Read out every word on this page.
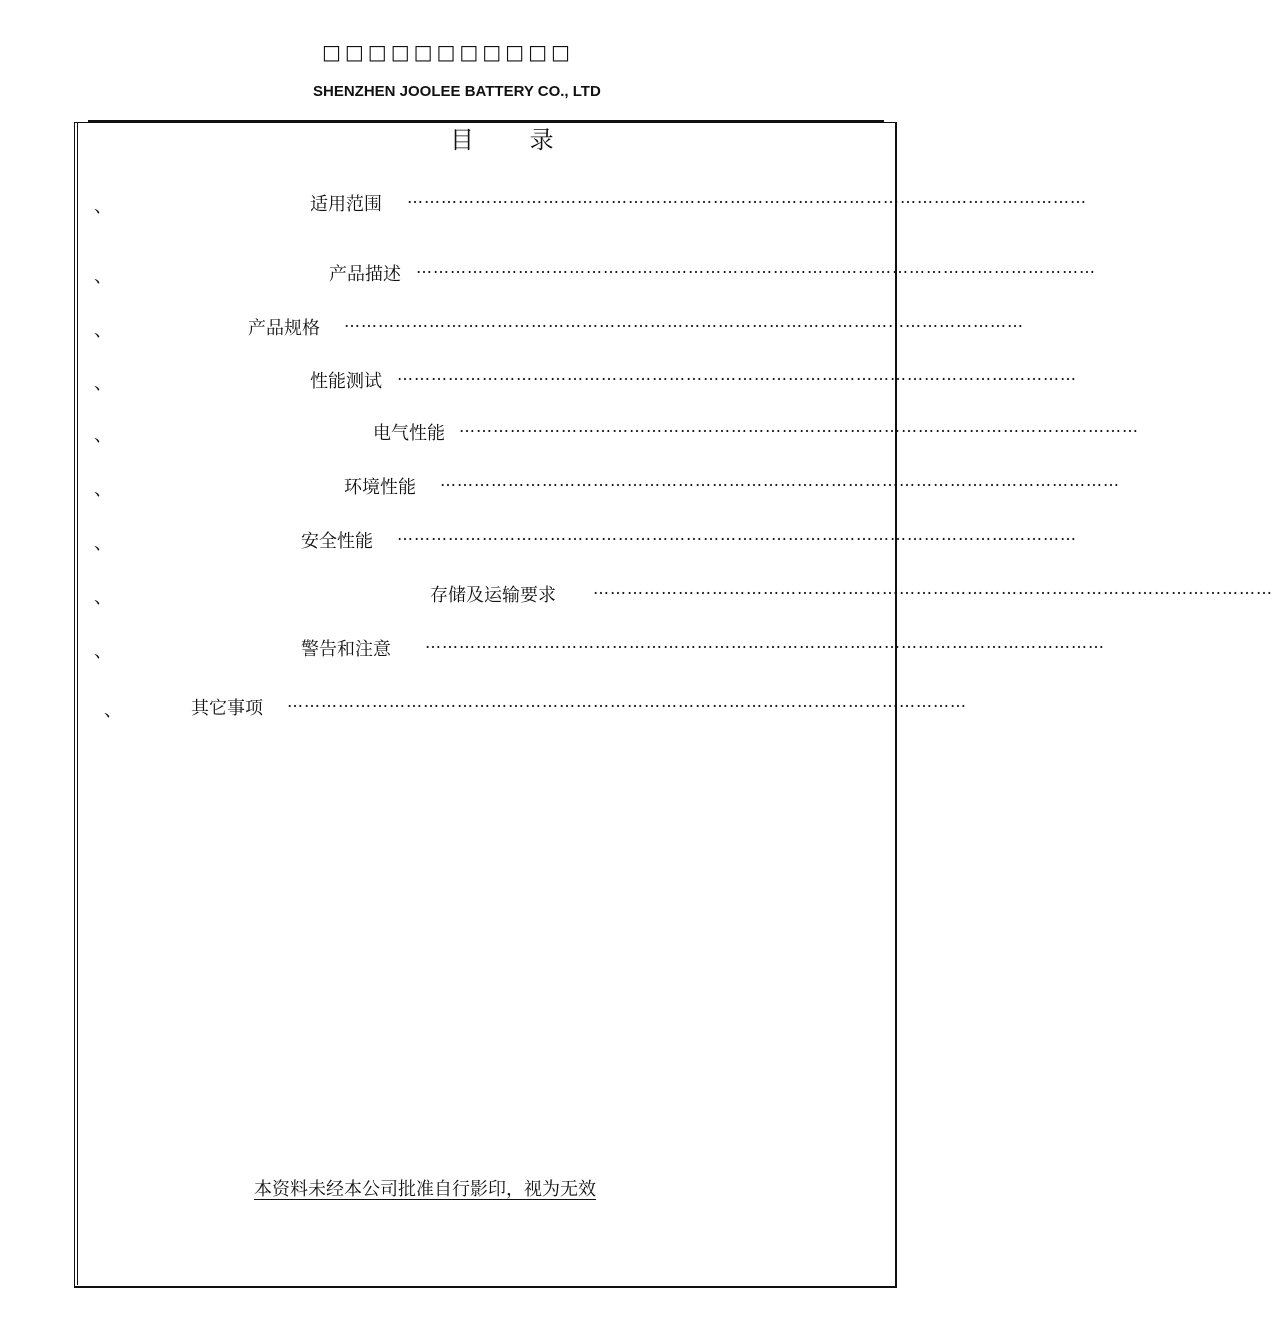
□□□□□□□□□□□
SHENZHEN JOOLEE BATTERY CO., LTD
目 录
、	适用范围 …………………………………………………………………………………………………………
、	产品描述 …………………………………………………………………………………………………………
、	产品规格 …………………………………………………………………………………………………………
、	性能测试 …………………………………………………………………………………………………………
、	电气性能 …………………………………………………………………………………………………………
、	环境性能 …………………………………………………………………………………………………………
、	安全性能 …………………………………………………………………………………………………………
、	存储及运输要求 …………………………………………………………………………………………………………
、	警告和注意 …………………………………………………………………………………………………………
、	其它事项 …………………………………………………………………………………………………………
本资料未经本公司批准自行影印，视为无效
